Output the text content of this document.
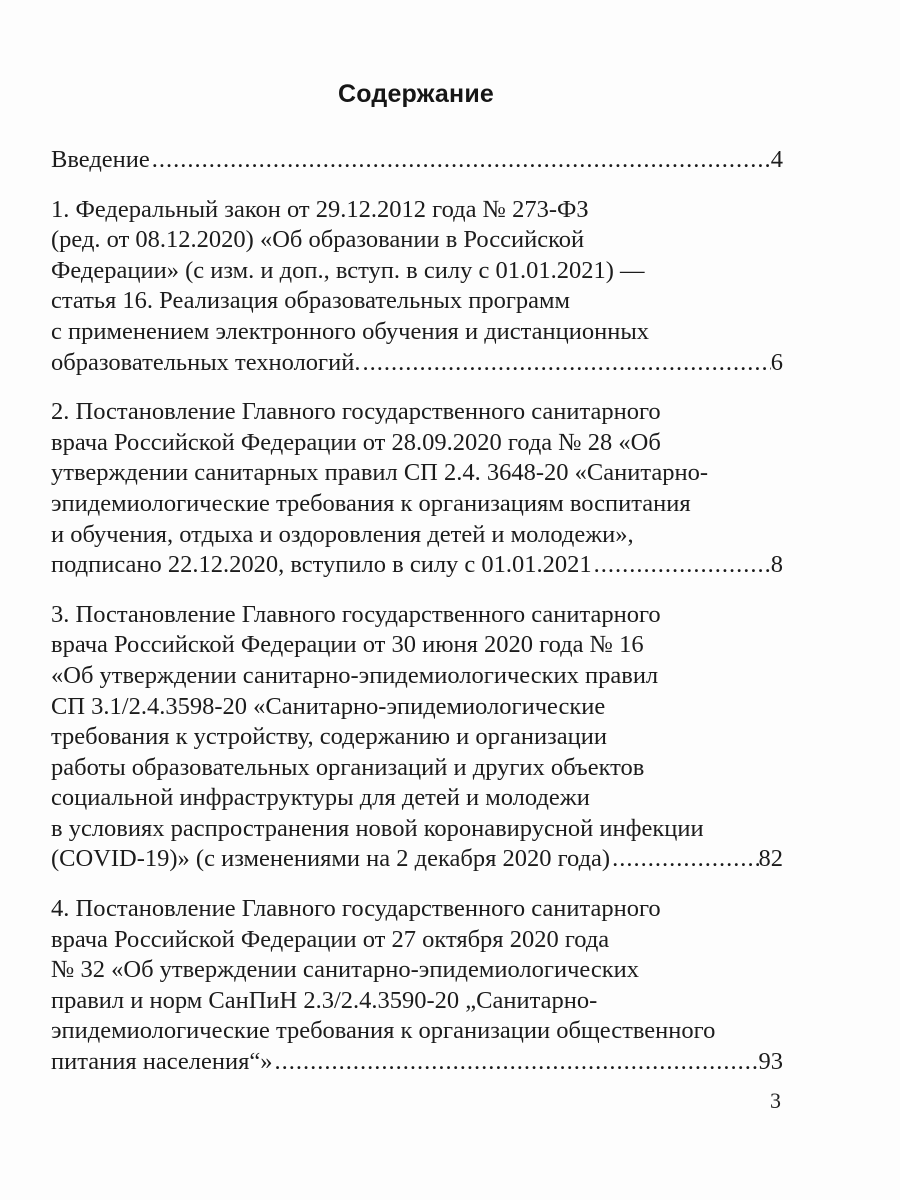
Содержание
Введение .....	4
1. Федеральный закон от 29.12.2012 года № 273-ФЗ
(ред. от 08.12.2020) «Об образовании в Российской
Федерации» (с изм. и доп., вступ. в силу с 01.01.2021) —
статья 16. Реализация образовательных программ
с применением электронного обучения и дистанционных
образовательных технологий. .....	6
2. Постановление Главного государственного санитарного
врача Российской Федерации от 28.09.2020 года № 28 «Об
утверждении санитарных правил СП 2.4. 3648-20 «Санитарно-
эпидемиологические требования к организациям воспитания
и обучения, отдыха и оздоровления детей и молодежи»,
подписано 22.12.2020, вступило в силу с 01.01.2021 .....	8
3. Постановление Главного государственного санитарного
врача Российской Федерации от 30 июня 2020 года № 16
«Об утверждении санитарно-эпидемиологических правил
СП 3.1/2.4.3598-20 «Санитарно-эпидемиологические
требования к устройству, содержанию и организации
работы образовательных организаций и других объектов
социальной инфраструктуры для детей и молодежи
в условиях распространения новой коронавирусной инфекции
(COVID-19)» (с изменениями на 2 декабря 2020 года) .....	82
4. Постановление Главного государственного санитарного
врача Российской Федерации от 27 октября 2020 года
№ 32 «Об утверждении санитарно-эпидемиологических
правил и норм СанПиН 2.3/2.4.3590-20 „Санитарно-
эпидемиологические требования к организации общественного
питания населения“» .....	93
3
